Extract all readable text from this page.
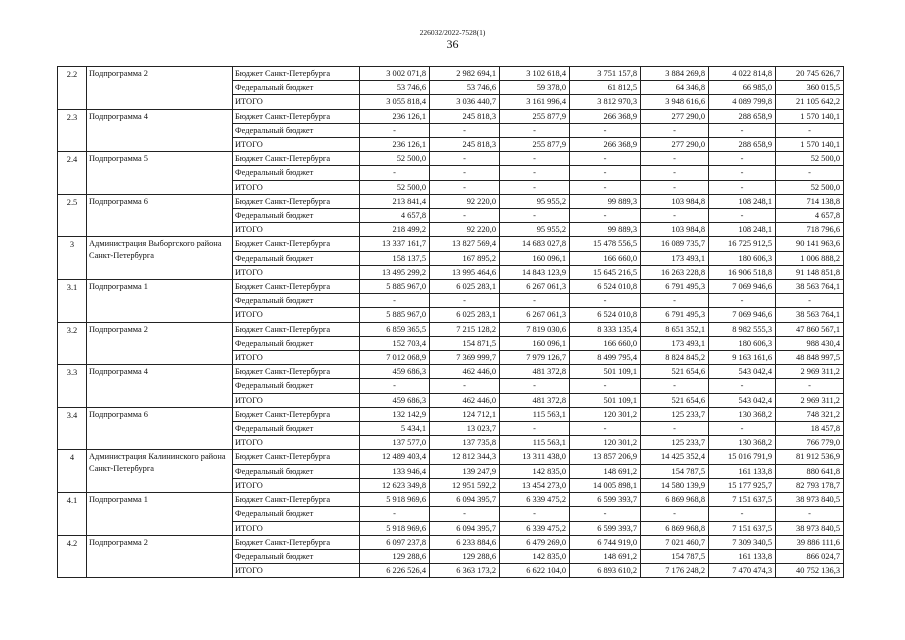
226032/2022-7528(1)
36
2.2	Подпрограмма 2	Бюджет Санкт-Петербурга	3 002 071,8	2 982 694,1	3 102 618,4	3 751 157,8	3 884 269,8	4 022 814,8	20 745 626,7
		Федеральный бюджет	53 746,6	53 746,6	59 378,0	61 812,5	64 346,8	66 985,0	360 015,5
		ИТОГО	3 055 818,4	3 036 440,7	3 161 996,4	3 812 970,3	3 948 616,6	4 089 799,8	21 105 642,2
2.3	Подпрограмма 4	Бюджет Санкт-Петербурга	236 126,1	245 818,3	255 877,9	266 368,9	277 290,0	288 658,9	1 570 140,1
		Федеральный бюджет	-	-	-	-	-	-	-
		ИТОГО	236 126,1	245 818,3	255 877,9	266 368,9	277 290,0	288 658,9	1 570 140,1
2.4	Подпрограмма 5	Бюджет Санкт-Петербурга	52 500,0	-	-	-	-	-	52 500,0
		Федеральный бюджет	-	-	-	-	-	-	-
		ИТОГО	52 500,0	-	-	-	-	-	52 500,0
2.5	Подпрограмма 6	Бюджет Санкт-Петербурга	213 841,4	92 220,0	95 955,2	99 889,3	103 984,8	108 248,1	714 138,8
		Федеральный бюджет	4 657,8	-	-	-	-	-	4 657,8
		ИТОГО	218 499,2	92 220,0	95 955,2	99 889,3	103 984,8	108 248,1	718 796,6
3	Администрация Выборгского района Санкт-Петербурга	Бюджет Санкт-Петербурга	13 337 161,7	13 827 569,4	14 683 027,8	15 478 556,5	16 089 735,7	16 725 912,5	90 141 963,6
		Федеральный бюджет	158 137,5	167 895,2	160 096,1	166 660,0	173 493,1	180 606,3	1 006 888,2
		ИТОГО	13 495 299,2	13 995 464,6	14 843 123,9	15 645 216,5	16 263 228,8	16 906 518,8	91 148 851,8
3.1	Подпрограмма 1	Бюджет Санкт-Петербурга	5 885 967,0	6 025 283,1	6 267 061,3	6 524 010,8	6 791 495,3	7 069 946,6	38 563 764,1
		Федеральный бюджет	-	-	-	-	-	-	-
		ИТОГО	5 885 967,0	6 025 283,1	6 267 061,3	6 524 010,8	6 791 495,3	7 069 946,6	38 563 764,1
3.2	Подпрограмма 2	Бюджет Санкт-Петербурга	6 859 365,5	7 215 128,2	7 819 030,6	8 333 135,4	8 651 352,1	8 982 555,3	47 860 567,1
		Федеральный бюджет	152 703,4	154 871,5	160 096,1	166 660,0	173 493,1	180 606,3	988 430,4
		ИТОГО	7 012 068,9	7 369 999,7	7 979 126,7	8 499 795,4	8 824 845,2	9 163 161,6	48 848 997,5
3.3	Подпрограмма 4	Бюджет Санкт-Петербурга	459 686,3	462 446,0	481 372,8	501 109,1	521 654,6	543 042,4	2 969 311,2
		Федеральный бюджет	-	-	-	-	-	-	-
		ИТОГО	459 686,3	462 446,0	481 372,8	501 109,1	521 654,6	543 042,4	2 969 311,2
3.4	Подпрограмма 6	Бюджет Санкт-Петербурга	132 142,9	124 712,1	115 563,1	120 301,2	125 233,7	130 368,2	748 321,2
		Федеральный бюджет	5 434,1	13 023,7	-	-	-	-	18 457,8
		ИТОГО	137 577,0	137 735,8	115 563,1	120 301,2	125 233,7	130 368,2	766 779,0
4	Администрация Калининского района Санкт-Петербурга	Бюджет Санкт-Петербурга	12 489 403,4	12 812 344,3	13 311 438,0	13 857 206,9	14 425 352,4	15 016 791,9	81 912 536,9
		Федеральный бюджет	133 946,4	139 247,9	142 835,0	148 691,2	154 787,5	161 133,8	880 641,8
		ИТОГО	12 623 349,8	12 951 592,2	13 454 273,0	14 005 898,1	14 580 139,9	15 177 925,7	82 793 178,7
4.1	Подпрограмма 1	Бюджет Санкт-Петербурга	5 918 969,6	6 094 395,7	6 339 475,2	6 599 393,7	6 869 968,8	7 151 637,5	38 973 840,5
		Федеральный бюджет	-	-	-	-	-	-	-
		ИТОГО	5 918 969,6	6 094 395,7	6 339 475,2	6 599 393,7	6 869 968,8	7 151 637,5	38 973 840,5
4.2	Подпрограмма 2	Бюджет Санкт-Петербурга	6 097 237,8	6 233 884,6	6 479 269,0	6 744 919,0	7 021 460,7	7 309 340,5	39 886 111,6
		Федеральный бюджет	129 288,6	129 288,6	142 835,0	148 691,2	154 787,5	161 133,8	866 024,7
		ИТОГО	6 226 526,4	6 363 173,2	6 622 104,0	6 893 610,2	7 176 248,2	7 470 474,3	40 752 136,3
